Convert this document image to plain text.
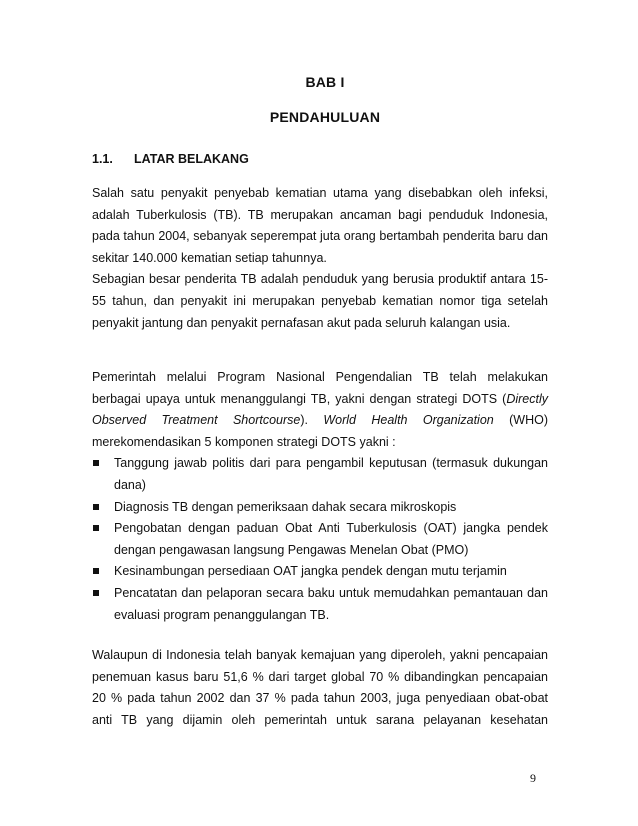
BAB I
PENDAHULUAN
1.1. LATAR BELAKANG

Salah satu penyakit penyebab kematian utama yang disebabkan oleh infeksi, adalah Tuberkulosis (TB). TB merupakan ancaman bagi penduduk Indonesia, pada tahun 2004, sebanyak seperempat juta orang bertambah penderita baru dan sekitar 140.000 kematian setiap tahunnya.

Sebagian besar penderita TB adalah penduduk yang berusia produktif antara 15-55 tahun, dan penyakit ini merupakan penyebab kematian nomor tiga setelah penyakit jantung dan penyakit pernafasan akut pada seluruh kalangan usia.

Pemerintah melalui Program Nasional Pengendalian TB telah melakukan berbagai upaya untuk menanggulangi TB, yakni dengan strategi DOTS (Directly Observed Treatment Shortcourse). World Health Organization (WHO) merekomendasikan 5 komponen strategi DOTS yakni :

Tanggung jawab politis dari para pengambil keputusan (termasuk dukungan dana)
Diagnosis TB dengan pemeriksaan dahak secara mikroskopis
Pengobatan dengan paduan Obat Anti Tuberkulosis (OAT) jangka pendek dengan pengawasan langsung Pengawas Menelan Obat (PMO)
Kesinambungan persediaan OAT jangka pendek dengan mutu terjamin
Pencatatan dan pelaporan secara baku untuk memudahkan pemantauan dan evaluasi program penanggulangan TB.

Walaupun di Indonesia telah banyak kemajuan yang diperoleh, yakni pencapaian penemuan kasus baru 51,6 % dari target global 70 % dibandingkan pencapaian 20 % pada tahun 2002 dan 37 % pada tahun 2003, juga penyediaan obat-obat anti TB yang dijamin oleh pemerintah untuk sarana pelayanan kesehatan

9
